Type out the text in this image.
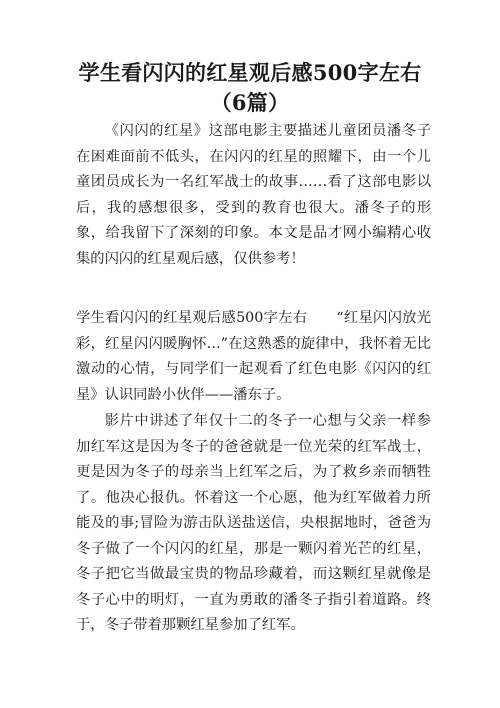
学生看闪闪的红星观后感500字左右
（6篇）

《闪闪的红星》这部电影主要描述儿童团员潘冬子在困难面前不低头，在闪闪的红星的照耀下，由一个儿童团员成长为一名红军战士的故事……看了这部电影以后，我的感想很多，受到的教育也很大。潘冬子的形象，给我留下了深刻的印象。本文是品才网小编精心收集的闪闪的红星观后感，仅供参考！

学生看闪闪的红星观后感500字左右　　“红星闪闪放光彩，红星闪闪暖胸怀…”在这熟悉的旋律中，我怀着无比激动的心情，与同学们一起观看了红色电影《闪闪的红星》认识同龄小伙伴——潘东子。

影片中讲述了年仅十二的冬子一心想与父亲一样参加红军这是因为冬子的爸爸就是一位光荣的红军战士，更是因为冬子的母亲当上红军之后，为了救乡亲而牺牲了。他决心报仇。怀着这一个心愿，他为红军做着力所能及的事;冒险为游击队送盐送信，央根据地时，爸爸为冬子做了一个闪闪的红星，那是一颗闪着光芒的红星，冬子把它当做最宝贵的物品珍藏着，而这颗红星就像是冬子心中的明灯，一直为勇敢的潘冬子指引着道路。终于，冬子带着那颗红星参加了红军。
